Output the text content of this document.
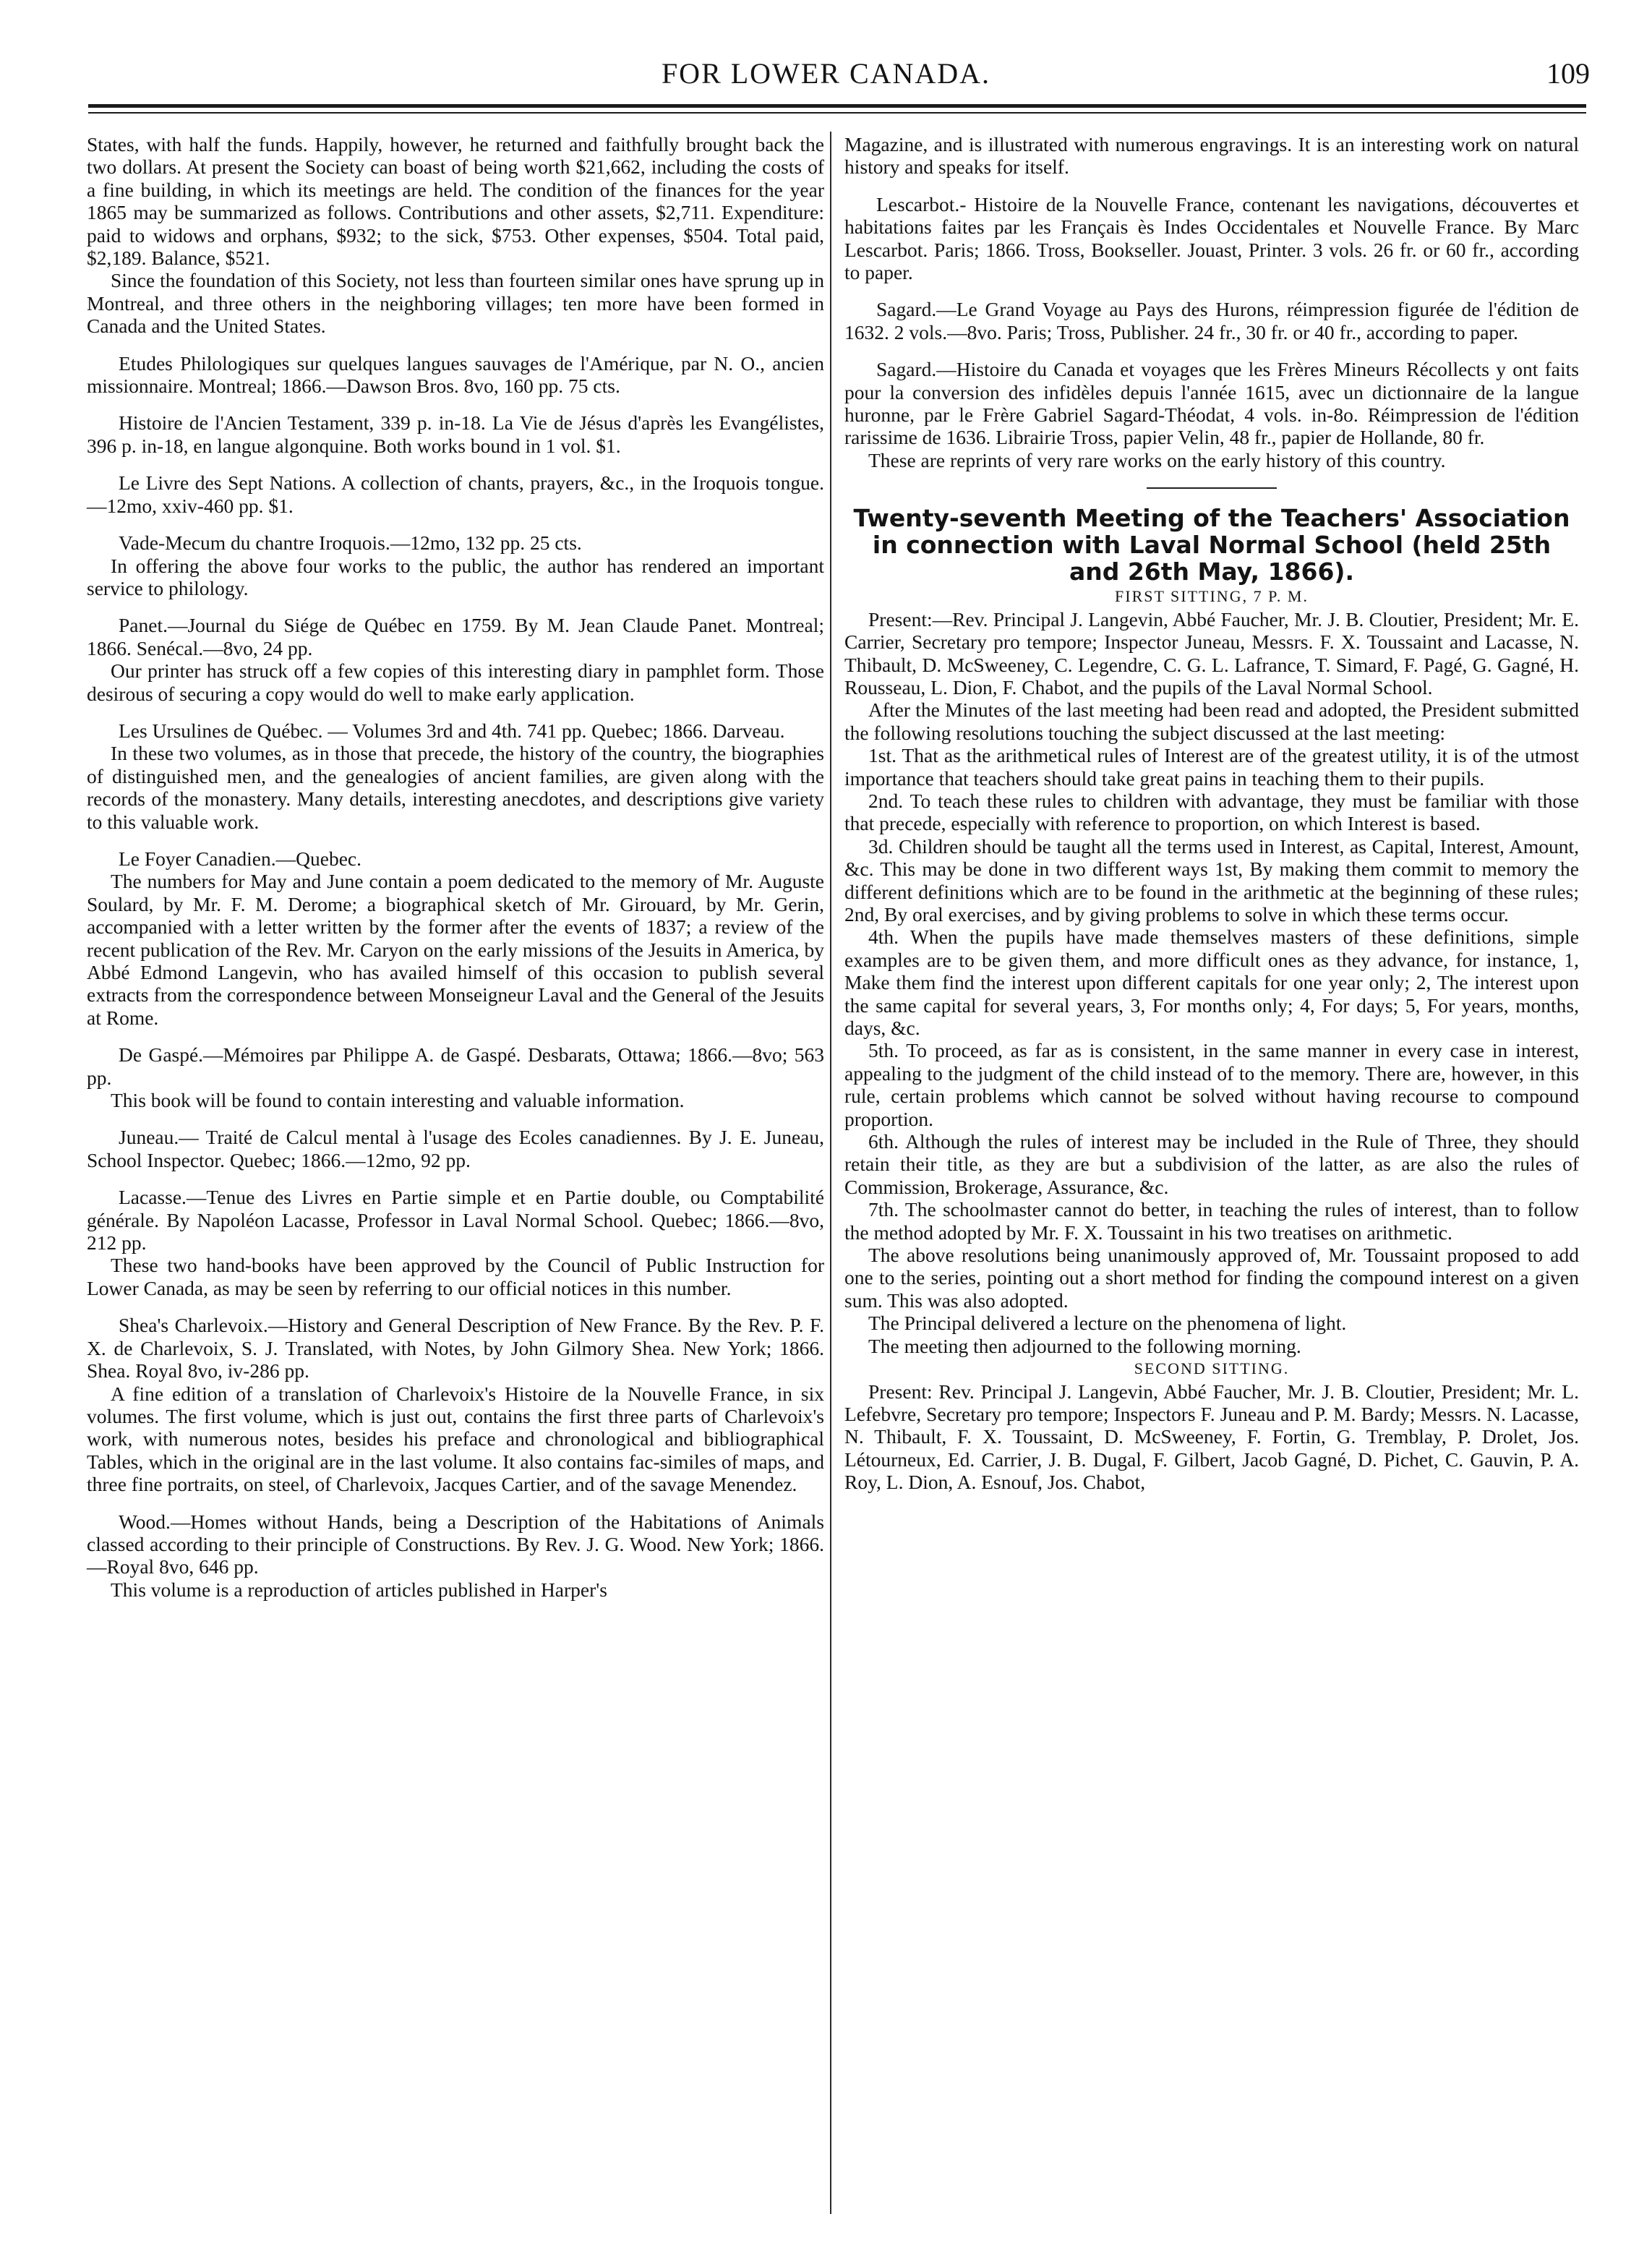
FOR LOWER CANADA.	109

States, with half the funds. Happily, however, he returned and faithfully brought back the two dollars. At present the Society can boast of being worth $21,662, including the costs of a fine building, in which its meetings are held. The condition of the finances for the year 1865 may be summarized as follows. Contributions and other assets, $2,711. Expenditure: paid to widows and orphans, $932; to the sick, $753. Other expenses, $504. Total paid, $2,189. Balance, $521.

Since the foundation of this Society, not less than fourteen similar ones have sprung up in Montreal, and three others in the neighboring villages; ten more have been formed in Canada and the United States.

Etudes Philologiques sur quelques langues sauvages de l'Amérique, par N. O., ancien missionnaire. Montreal; 1866.—Dawson Bros. 8vo, 160 pp. 75 cts.

Histoire de l'Ancien Testament, 339 p. in-18. La Vie de Jésus d'après les Evangélistes, 396 p. in-18, en langue algonquine. Both works bound in 1 vol. $1.

Le Livre des Sept Nations. A collection of chants, prayers, &c., in the Iroquois tongue.—12mo, xxiv-460 pp. $1.

Vade-Mecum du chantre Iroquois.—12mo, 132 pp. 25 cts.

In offering the above four works to the public, the author has rendered an important service to philology.

Panet.—Journal du Siége de Québec en 1759. By M. Jean Claude Panet. Montreal; 1866. Senécal.—8vo, 24 pp.

Our printer has struck off a few copies of this interesting diary in pamphlet form. Those desirous of securing a copy would do well to make early application.

Les Ursulines de Québec. — Volumes 3rd and 4th. 741 pp. Quebec; 1866. Darveau.

In these two volumes, as in those that precede, the history of the country, the biographies of distinguished men, and the genealogies of ancient families, are given along with the records of the monastery. Many details, interesting anecdotes, and descriptions give variety to this valuable work.

Le Foyer Canadien.—Quebec.

The numbers for May and June contain a poem dedicated to the memory of Mr. Auguste Soulard, by Mr. F. M. Derome; a biographical sketch of Mr. Girouard, by Mr. Gerin, accompanied with a letter written by the former after the events of 1837; a review of the recent publication of the Rev. Mr. Caryon on the early missions of the Jesuits in America, by Abbé Edmond Langevin, who has availed himself of this occasion to publish several extracts from the correspondence between Monseigneur Laval and the General of the Jesuits at Rome.

De Gaspé.—Mémoires par Philippe A. de Gaspé. Desbarats, Ottawa; 1866.—8vo; 563 pp.

This book will be found to contain interesting and valuable information.

Juneau.— Traité de Calcul mental à l'usage des Ecoles canadiennes. By J. E. Juneau, School Inspector. Quebec; 1866.—12mo, 92 pp.

Lacasse.—Tenue des Livres en Partie simple et en Partie double, ou Comptabilité générale. By Napoléon Lacasse, Professor in Laval Normal School. Quebec; 1866.—8vo, 212 pp.

These two hand-books have been approved by the Council of Public Instruction for Lower Canada, as may be seen by referring to our official notices in this number.

Shea's Charlevoix.—History and General Description of New France. By the Rev. P. F. X. de Charlevoix, S. J. Translated, with Notes, by John Gilmory Shea. New York; 1866. Shea. Royal 8vo, iv-286 pp.

A fine edition of a translation of Charlevoix's Histoire de la Nouvelle France, in six volumes. The first volume, which is just out, contains the first three parts of Charlevoix's work, with numerous notes, besides his preface and chronological and bibliographical Tables, which in the original are in the last volume. It also contains fac-similes of maps, and three fine portraits, on steel, of Charlevoix, Jacques Cartier, and of the savage Menendez.

Wood.—Homes without Hands, being a Description of the Habitations of Animals classed according to their principle of Constructions. By Rev. J. G. Wood. New York; 1866.—Royal 8vo, 646 pp.

This volume is a reproduction of articles published in Harper's

Magazine, and is illustrated with numerous engravings. It is an interesting work on natural history and speaks for itself.

Lescarbot.- Histoire de la Nouvelle France, contenant les navigations, découvertes et habitations faites par les Français ès Indes Occidentales et Nouvelle France. By Marc Lescarbot. Paris; 1866. Tross, Bookseller. Jouast, Printer. 3 vols. 26 fr. or 60 fr., according to paper.

Sagard.—Le Grand Voyage au Pays des Hurons, réimpression figurée de l'édition de 1632. 2 vols.—8vo. Paris; Tross, Publisher. 24 fr., 30 fr. or 40 fr., according to paper.

Sagard.—Histoire du Canada et voyages que les Frères Mineurs Récollects y ont faits pour la conversion des infidèles depuis l'année 1615, avec un dictionnaire de la langue huronne, par le Frère Gabriel Sagard-Théodat, 4 vols. in-8o. Réimpression de l'édition rarissime de 1636. Librairie Tross, papier Velin, 48 fr., papier de Hollande, 80 fr.

These are reprints of very rare works on the early history of this country.

Twenty-seventh Meeting of the Teachers' Association in connection with Laval Normal School (held 25th and 26th May, 1866).

FIRST SITTING, 7 P. M.

Present:—Rev. Principal J. Langevin, Abbé Faucher, Mr. J. B. Cloutier, President; Mr. E. Carrier, Secretary pro tempore; Inspector Juneau, Messrs. F. X. Toussaint and Lacasse, N. Thibault, D. McSweeney, C. Legendre, C. G. L. Lafrance, T. Simard, F. Pagé, G. Gagné, H. Rousseau, L. Dion, F. Chabot, and the pupils of the Laval Normal School.

After the Minutes of the last meeting had been read and adopted, the President submitted the following resolutions touching the subject discussed at the last meeting:

1st. That as the arithmetical rules of Interest are of the greatest utility, it is of the utmost importance that teachers should take great pains in teaching them to their pupils.

2nd. To teach these rules to children with advantage, they must be familiar with those that precede, especially with reference to proportion, on which Interest is based.

3d. Children should be taught all the terms used in Interest, as Capital, Interest, Amount, &c. This may be done in two different ways 1st, By making them commit to memory the different definitions which are to be found in the arithmetic at the beginning of these rules; 2nd, By oral exercises, and by giving problems to solve in which these terms occur.

4th. When the pupils have made themselves masters of these definitions, simple examples are to be given them, and more difficult ones as they advance, for instance, 1, Make them find the interest upon different capitals for one year only; 2, The interest upon the same capital for several years, 3, For months only; 4, For days; 5, For years, months, days, &c.

5th. To proceed, as far as is consistent, in the same manner in every case in interest, appealing to the judgment of the child instead of to the memory. There are, however, in this rule, certain problems which cannot be solved without having recourse to compound proportion.

6th. Although the rules of interest may be included in the Rule of Three, they should retain their title, as they are but a subdivision of the latter, as are also the rules of Commission, Brokerage, Assurance, &c.

7th. The schoolmaster cannot do better, in teaching the rules of interest, than to follow the method adopted by Mr. F. X. Toussaint in his two treatises on arithmetic.

The above resolutions being unanimously approved of, Mr. Toussaint proposed to add one to the series, pointing out a short method for finding the compound interest on a given sum. This was also adopted.

The Principal delivered a lecture on the phenomena of light.

The meeting then adjourned to the following morning.

SECOND SITTING.

Present: Rev. Principal J. Langevin, Abbé Faucher, Mr. J. B. Cloutier, President; Mr. L. Lefebvre, Secretary pro tempore; Inspectors F. Juneau and P. M. Bardy; Messrs. N. Lacasse, N. Thibault, F. X. Toussaint, D. McSweeney, F. Fortin, G. Tremblay, P. Drolet, Jos. Létourneux, Ed. Carrier, J. B. Dugal, F. Gilbert, Jacob Gagné, D. Pichet, C. Gauvin, P. A. Roy, L. Dion, A. Esnouf, Jos. Chabot,
